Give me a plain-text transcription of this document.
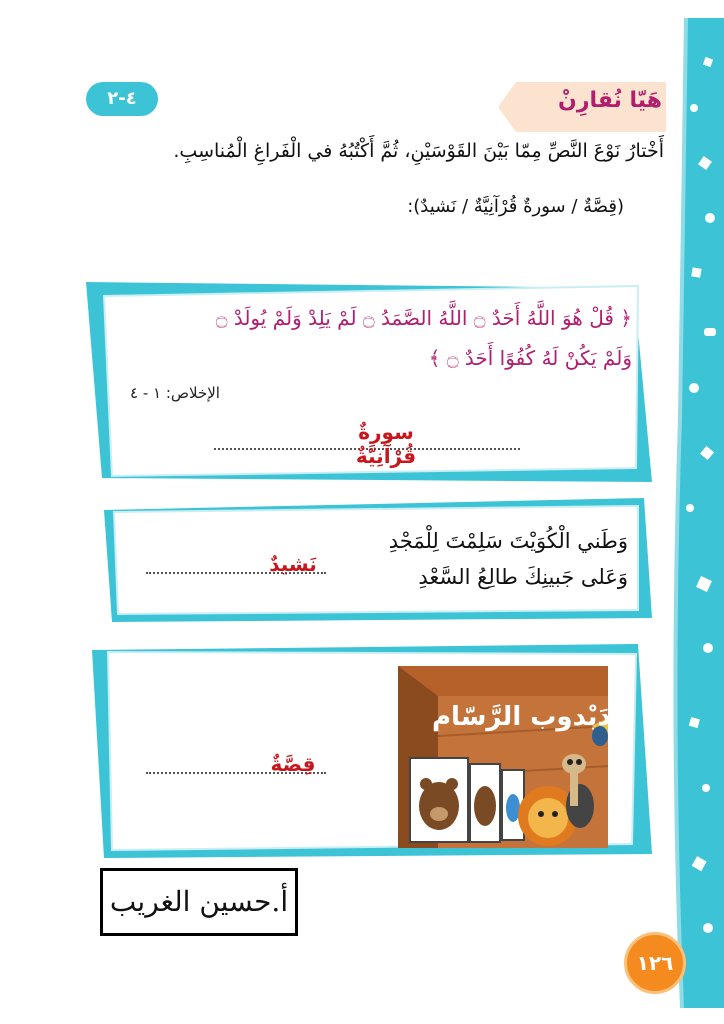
هَيّا نُقارِنْ
٤-٢
أَخْتارُ نَوْعَ النَّصِّ مِمّا بَيْنَ القَوْسَيْنِ، ثُمَّ أَكْتُبُهُ في الْفَراغِ الْمُناسِبِ.
(قِصَّةٌ / سورةٌ قُرْآنِيَّةٌ / نَشيدٌ):
﴿ قُلْ هُوَ اللَّهُ أَحَدٌ ۝ اللَّهُ الصَّمَدُ ۝ لَمْ يَلِدْ وَلَمْ يُولَدْ ۝
وَلَمْ يَكُنْ لَهُ كُفُوًا أَحَدٌ ۝ ﴾
الإخلاص: ١ - ٤
سورةٌ قُرْآنِيَّةٌ
وَطَني الْكُوَيْتَ سَلِمْتَ لِلْمَجْدِ
وَعَلى جَبينِكَ طالِعُ السَّعْدِ
نَشيدٌ
دَبْدوب الرَّسّام
قِصَّةٌ
أ.حسين الغريب
١٢٦
